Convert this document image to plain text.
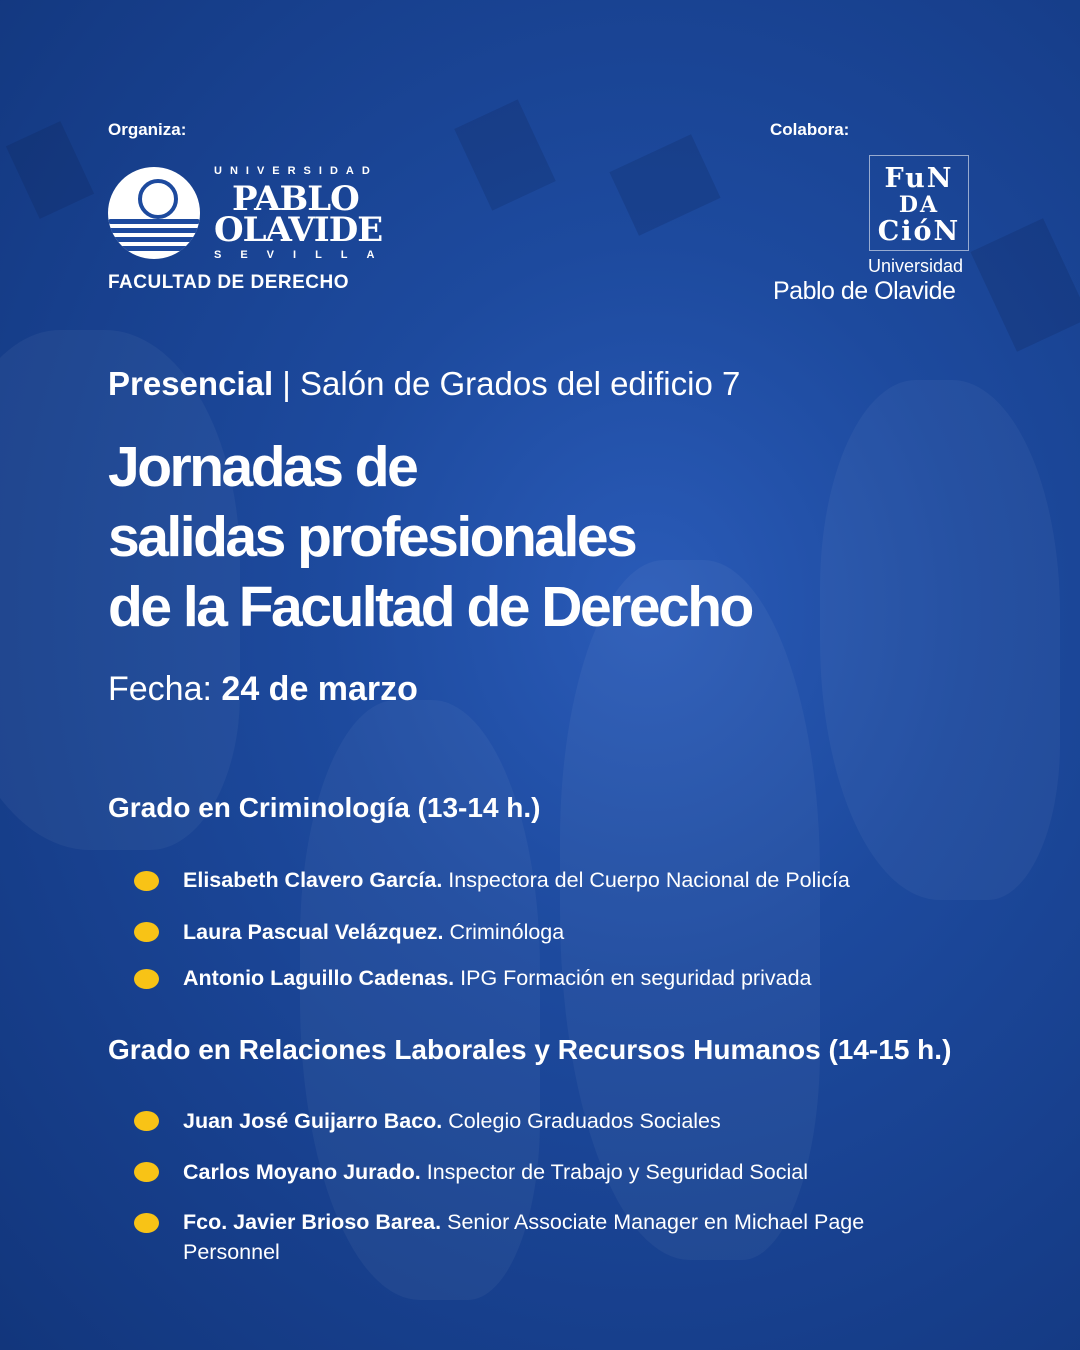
Organiza:
UNIVERSIDAD
PABLO
OLAVIDE
SEVILLA
FACULTAD DE DERECHO
Colabora:
FuN
DA
CióN
Universidad
Pablo de Olavide
Presencial | Salón de Grados del edificio 7
Jornadas de
salidas profesionales
de la Facultad de Derecho
Fecha: 24 de marzo
Grado en Criminología (13-14 h.)
Elisabeth Clavero García. Inspectora del Cuerpo Nacional de Policía
Laura Pascual Velázquez. Criminóloga
Antonio Laguillo Cadenas. IPG Formación en seguridad privada
Grado en Relaciones Laborales y Recursos Humanos (14-15 h.)
Juan José Guijarro Baco. Colegio Graduados Sociales
Carlos Moyano Jurado. Inspector de Trabajo y Seguridad Social
Fco. Javier Brioso Barea. Senior Associate Manager en Michael Page
Personnel
